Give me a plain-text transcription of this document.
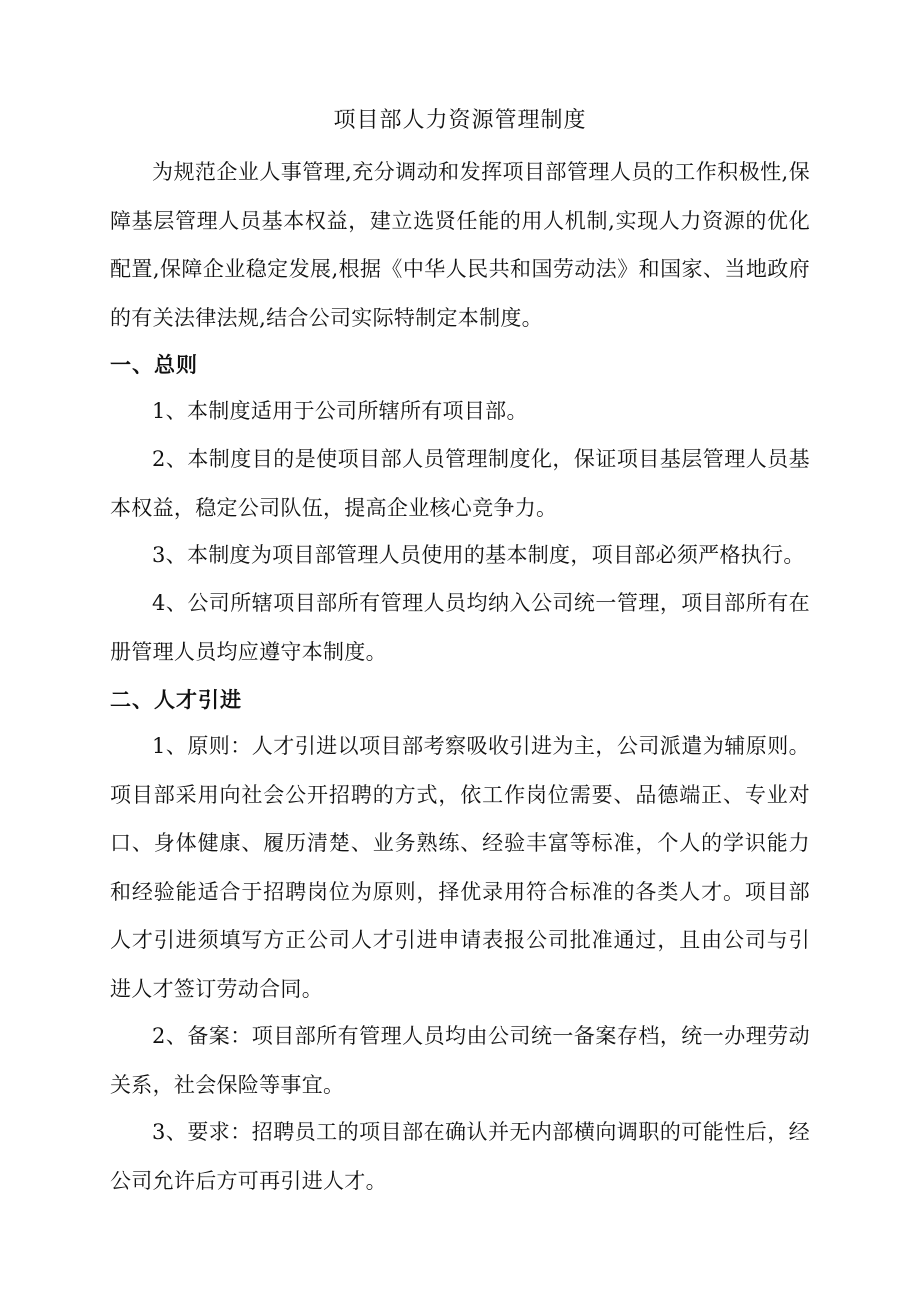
项目部人力资源管理制度

为规范企业人事管理,充分调动和发挥项目部管理人员的工作积极性,保障基层管理人员基本权益，建立选贤任能的用人机制,实现人力资源的优化配置,保障企业稳定发展,根据《中华人民共和国劳动法》和国家、当地政府的有关法律法规,结合公司实际特制定本制度。

一、总则

1、本制度适用于公司所辖所有项目部。

2、本制度目的是使项目部人员管理制度化，保证项目基层管理人员基本权益，稳定公司队伍，提高企业核心竞争力。

3、本制度为项目部管理人员使用的基本制度，项目部必须严格执行。

4、公司所辖项目部所有管理人员均纳入公司统一管理，项目部所有在册管理人员均应遵守本制度。

二、人才引进

1、原则：人才引进以项目部考察吸收引进为主，公司派遣为辅原则。项目部采用向社会公开招聘的方式，依工作岗位需要、品德端正、专业对口、身体健康、履历清楚、业务熟练、经验丰富等标准，个人的学识能力和经验能适合于招聘岗位为原则，择优录用符合标准的各类人才。项目部人才引进须填写方正公司人才引进申请表报公司批准通过，且由公司与引进人才签订劳动合同。

2、备案：项目部所有管理人员均由公司统一备案存档，统一办理劳动关系，社会保险等事宜。

3、要求：招聘员工的项目部在确认并无内部横向调职的可能性后，经公司允许后方可再引进人才。
